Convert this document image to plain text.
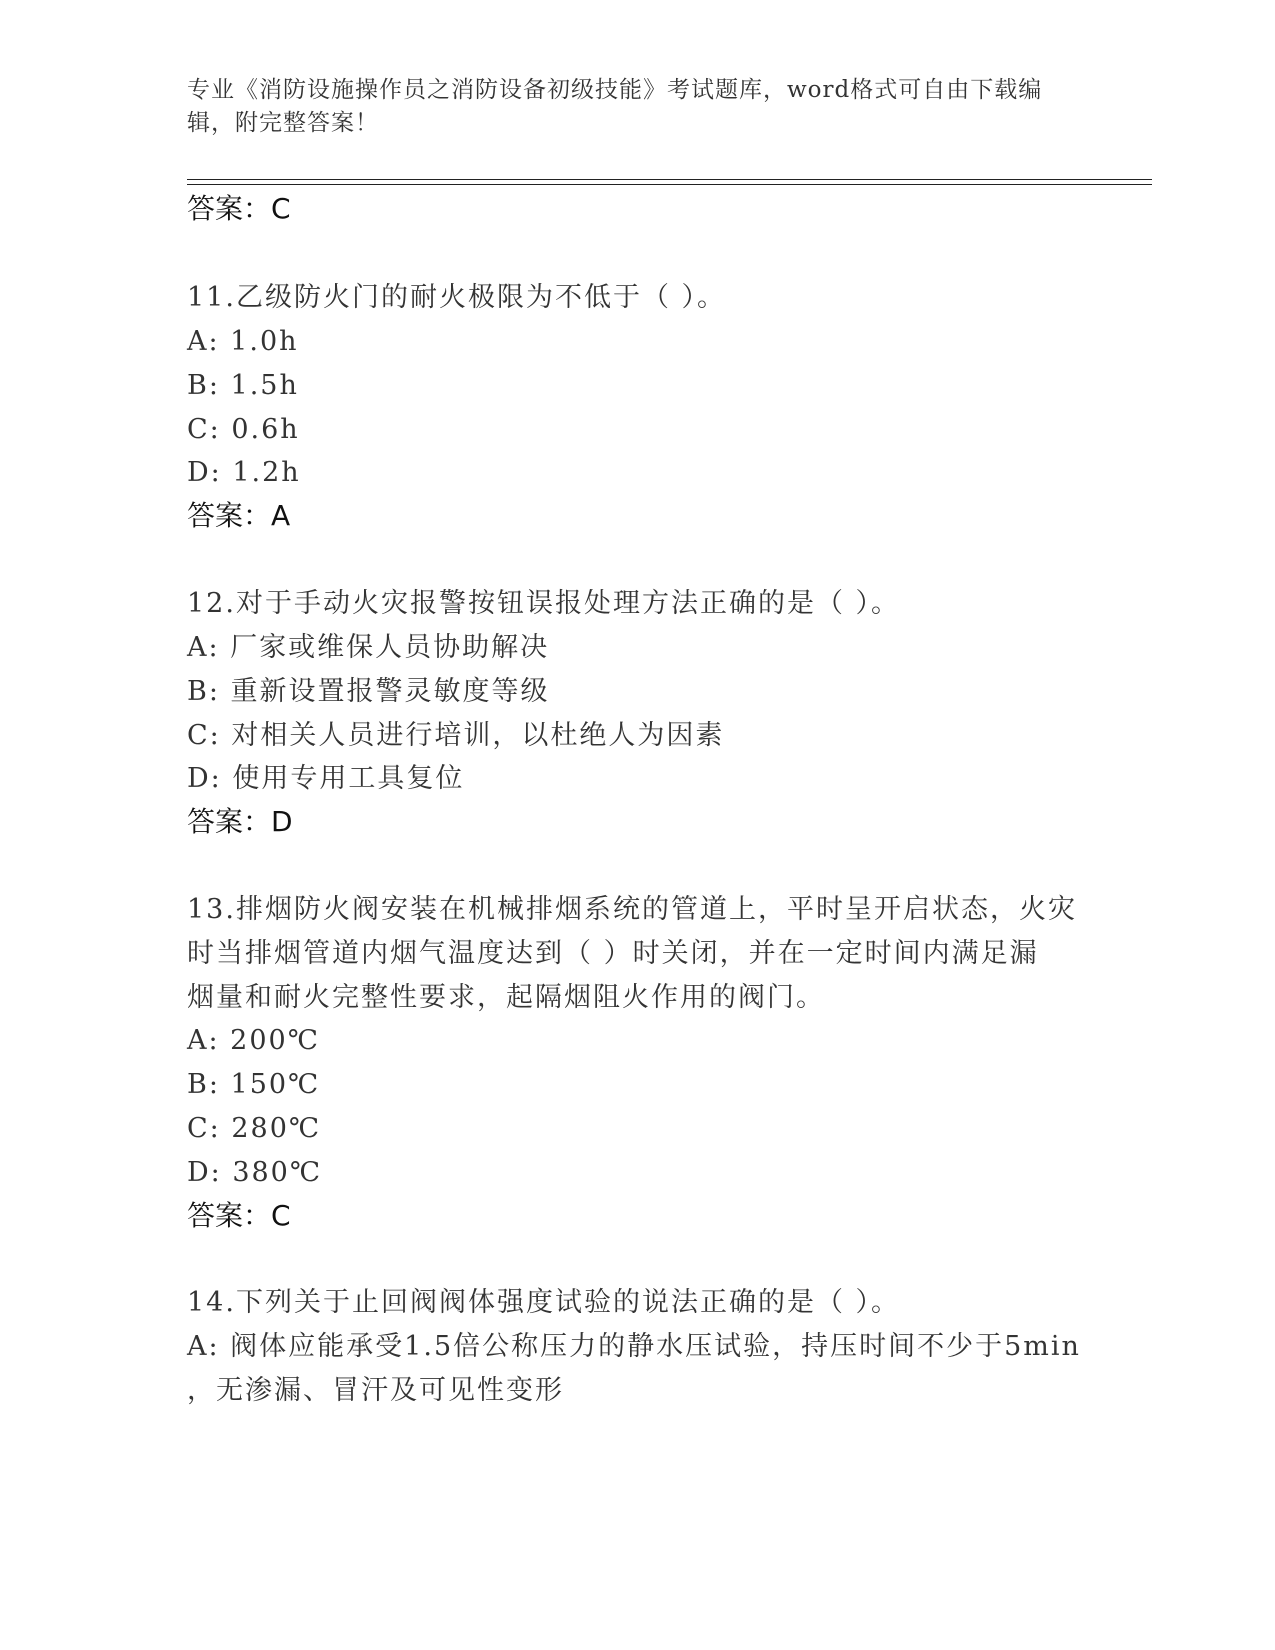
专业《消防设施操作员之消防设备初级技能》考试题库，word格式可自由下载编
辑，附完整答案！
答案：C
11.乙级防火门的耐火极限为不低于（ ）。
A: 1.0h
B: 1.5h
C: 0.6h
D: 1.2h
答案：A
12.对于手动火灾报警按钮误报处理方法正确的是（ ）。
A: 厂家或维保人员协助解决
B: 重新设置报警灵敏度等级
C: 对相关人员进行培训，以杜绝人为因素
D: 使用专用工具复位
答案：D
13.排烟防火阀安装在机械排烟系统的管道上，平时呈开启状态，火灾
时当排烟管道内烟气温度达到（ ）时关闭，并在一定时间内满足漏
烟量和耐火完整性要求，起隔烟阻火作用的阀门。
A: 200℃
B: 150℃
C: 280℃
D: 380℃
答案：C
14.下列关于止回阀阀体强度试验的说法正确的是（ ）。
A: 阀体应能承受1.5倍公称压力的静水压试验，持压时间不少于5min
，无渗漏、冒汗及可见性变形
